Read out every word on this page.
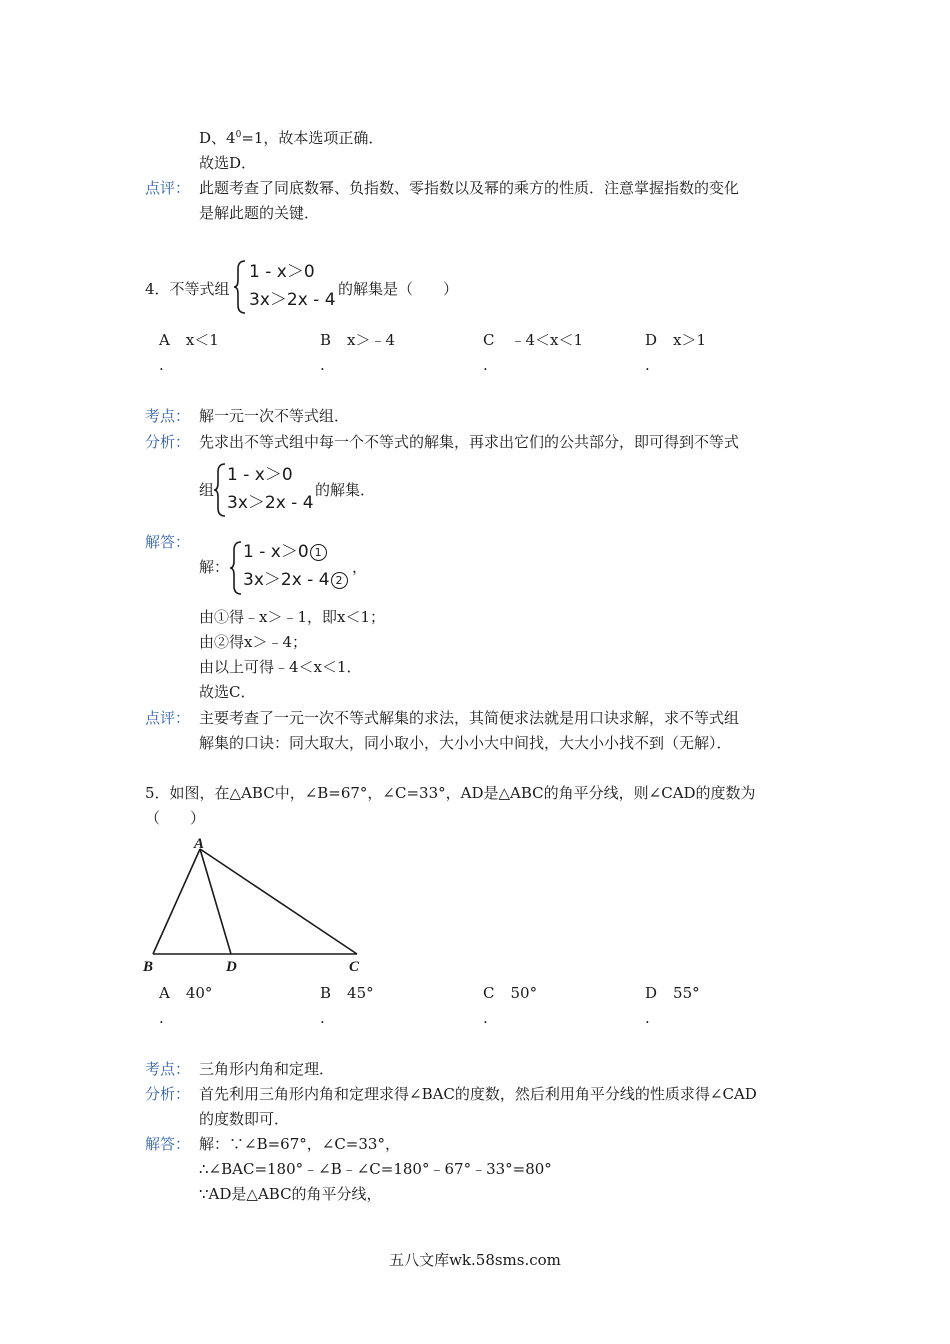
D、$4^0=1$，故本选项正确．
故选D．
点评： 此题考查了同底数幂、负指数、零指数以及幂的乘方的性质．注意掌握指数的变化
是解此题的关键．
4．不等式组
1 - x＞0
3x＞2x - 4
的解集是（　　）
A x＜1
.
B x＞﹣4
.
C ﹣4＜x＜1
.
D x＞1
.
考点： 解一元一次不等式组．
分析： 先求出不等式组中每一个不等式的解集，再求出它们的公共部分，即可得到不等式
组
1 - x＞0
3x＞2x - 4
的解集．
解答：
解：
1 - x＞0 1
3x＞2x - 4 2
，
由①得﹣x＞﹣1，即x＜1；
由②得x＞﹣4；
由以上可得﹣4＜x＜1．
故选C．
点评： 主要考查了一元一次不等式解集的求法，其简便求法就是用口诀求解，求不等式组
解集的口诀：同大取大，同小取小，大小小大中间找，大大小小找不到（无解）．
5．如图，在△ABC中，∠B=67°，∠C=33°，AD是△ABC的角平分线，则∠CAD的度数为
（　　）
A
B	D	C
A 40°
.
B 45°
.
C 50°
.
D 55°
.
考点： 三角形内角和定理．
分析： 首先利用三角形内角和定理求得∠BAC的度数，然后利用角平分线的性质求得∠CAD
的度数即可．
解答： 解：∵∠B=67°，∠C=33°，
∴∠BAC=180°﹣∠B﹣∠C=180°﹣67°﹣33°=80°
∵AD是△ABC的角平分线，
五八文库wk.58sms.com
